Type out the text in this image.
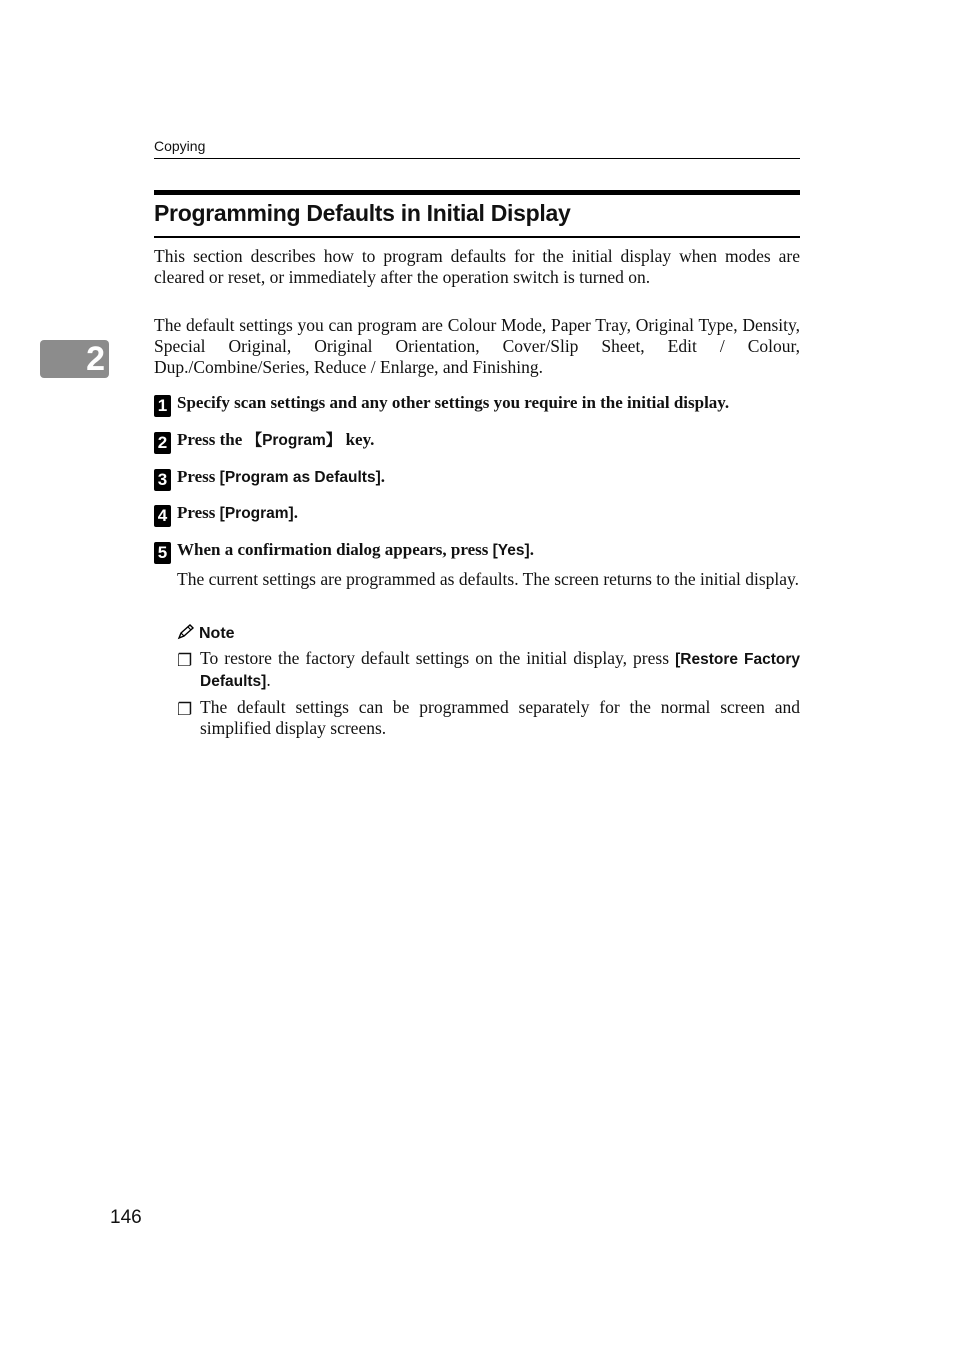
Copying
Programming Defaults in Initial Display
2
This section describes how to program defaults for the initial display when modes are cleared or reset, or immediately after the operation switch is turned on.
The default settings you can program are Colour Mode, Paper Tray, Original Type, Density, Special Original, Original Orientation, Cover/Slip Sheet, Edit / Colour, Dup./Combine/Series, Reduce / Enlarge, and Finishing.
1 Specify scan settings and any other settings you require in the initial display.
2 Press the 【Program】 key.
3 Press [Program as Defaults].
4 Press [Program].
5 When a confirmation dialog appears, press [Yes].
The current settings are programmed as defaults. The screen returns to the initial display.
Note
❐ To restore the factory default settings on the initial display, press [Restore Factory Defaults].
❐ The default settings can be programmed separately for the normal screen and simplified display screens.
146
